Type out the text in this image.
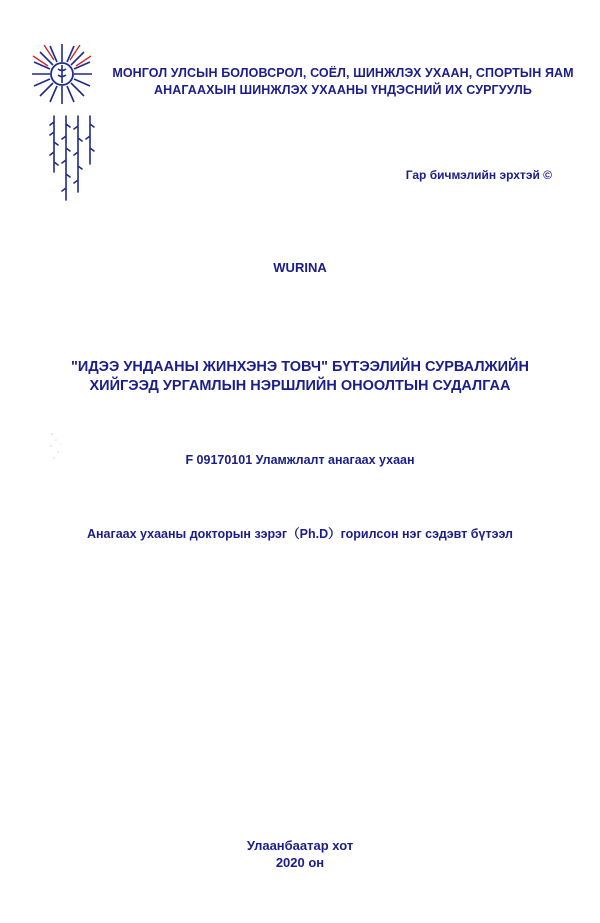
МОНГОЛ УЛСЫН БОЛОВСРОЛ, СОЁЛ, ШИНЖЛЭХ УХААН, СПОРТЫН ЯАМ
АНАГААХЫН ШИНЖЛЭХ УХААНЫ ҮНДЭСНИЙ ИХ СУРГУУЛЬ
Гар бичмэлийн эрхтэй ©
WURINA
"ИДЭЭ УНДААНЫ ЖИНХЭНЭ ТОВЧ" БҮТЭЭЛИЙН СУРВАЛЖИЙН
ХИЙГЭЭД УРГАМЛЫН НЭРШЛИЙН ОНООЛТЫН СУДАЛГАА
F 09170101 Уламжлалт анагаах ухаан
Анагаах ухааны докторын зэрэг（Ph.D）горилсон нэг сэдэвт бүтээл
Улаанбаатар хот
2020 он
